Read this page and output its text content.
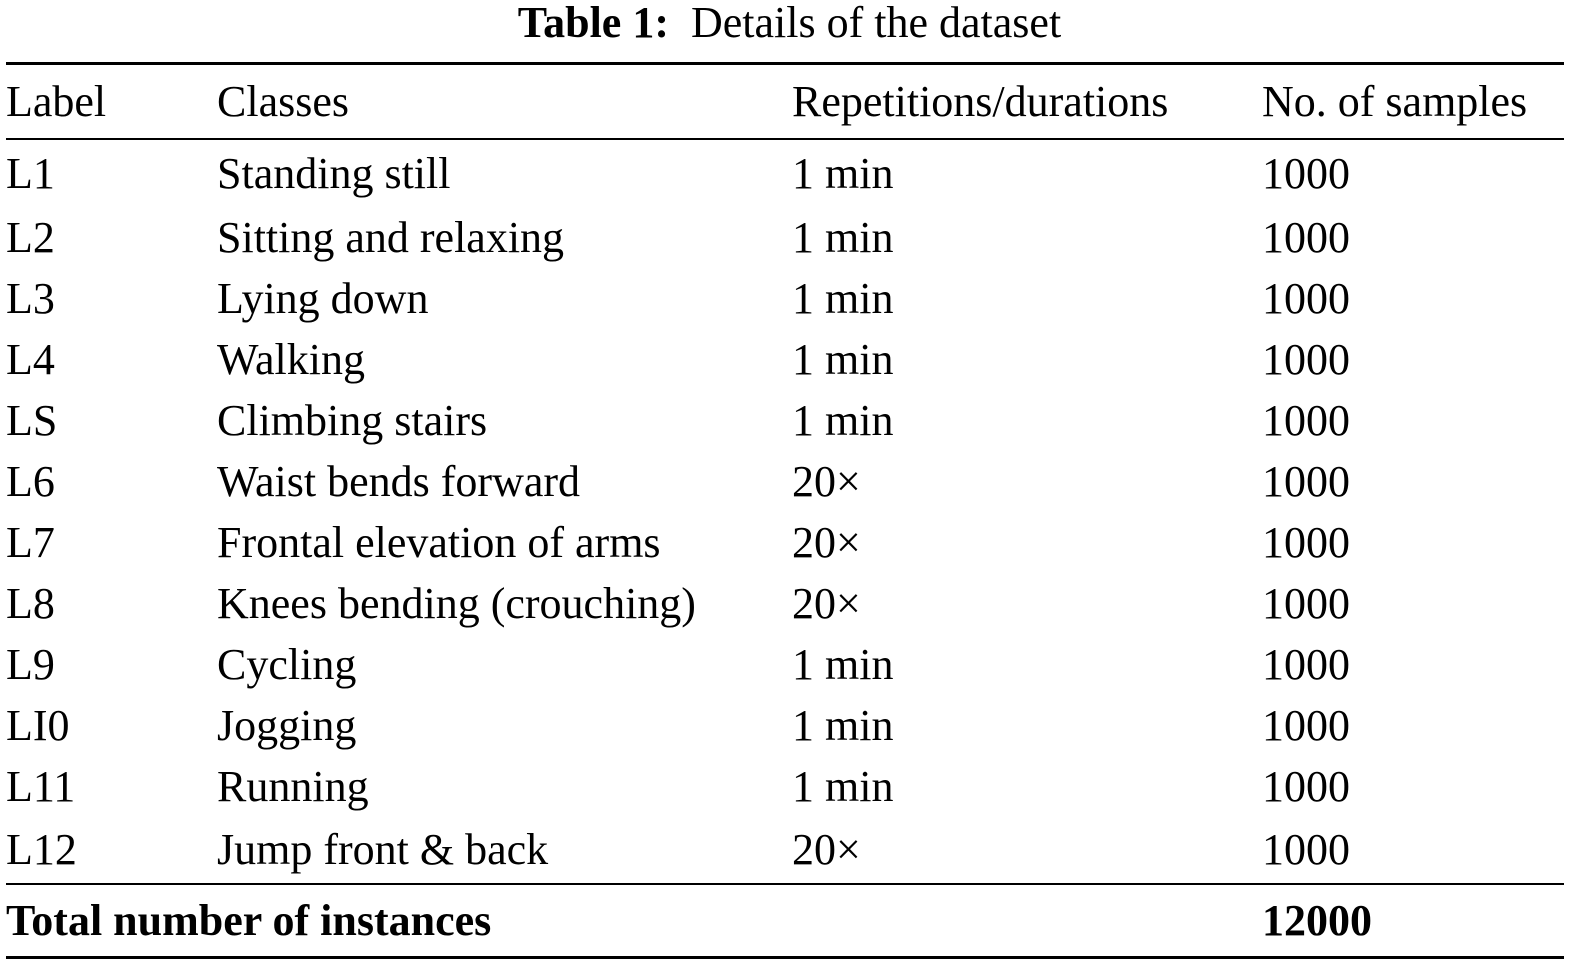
Table 1: Details of the dataset
Label	Classes	Repetitions/durations	No. of samples
L1	Standing still	1 min	1000
L2	Sitting and relaxing	1 min	1000
L3	Lying down	1 min	1000
L4	Walking	1 min	1000
LS	Climbing stairs	1 min	1000
L6	Waist bends forward	20×	1000
L7	Frontal elevation of arms	20×	1000
L8	Knees bending (crouching)	20×	1000
L9	Cycling	1 min	1000
LI0	Jogging	1 min	1000
L11	Running	1 min	1000
L12	Jump front & back	20×	1000
Total number of instances			12000
